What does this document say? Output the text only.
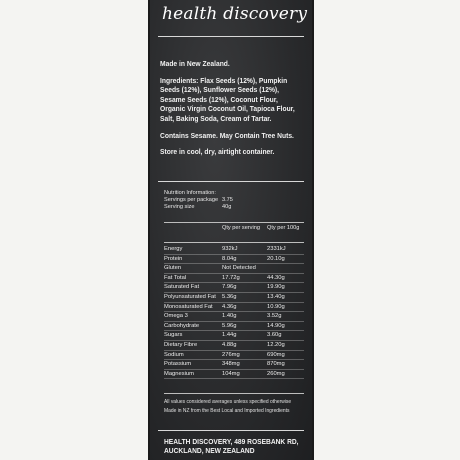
health discovery

Made in New Zealand.

Ingredients: Flax Seeds (12%), Pumpkin Seeds (12%), Sunflower Seeds (12%), Sesame Seeds (12%), Coconut Flour, Organic Virgin Coconut Oil, Tapioca Flour, Salt, Baking Soda, Cream of Tartar.

Contains Sesame. May Contain Tree Nuts.

Store in cool, dry, airtight container.

Nutrition Information:
Servings per package 3.75
Serving size	40g
Qty per serving	Qty per 100g
Energy	932kJ	2331kJ
Protein	8.04g	20.10g
Gluten	Not Detected
Fat Total	17.72g	44.30g
Saturated Fat	7.96g	19.90g
Polyunsaturated Fat	5.36g	13.40g
Monosaturated Fat	4.36g	10.90g
Omega 3	1.40g	3.52g
Carbohydrate	5.96g	14.90g
Sugars	1.44g	3.60g
Dietary Fibre	4.88g	12.20g
Sodium	276mg	690mg
Potassium	348mg	870mg
Magnesium	104mg	260mg
All values considered averages unless specified otherwise
Made in NZ from the Best Local and Imported Ingredients
HEALTH DISCOVERY, 489 ROSEBANK RD,
AUCKLAND, NEW ZEALAND
